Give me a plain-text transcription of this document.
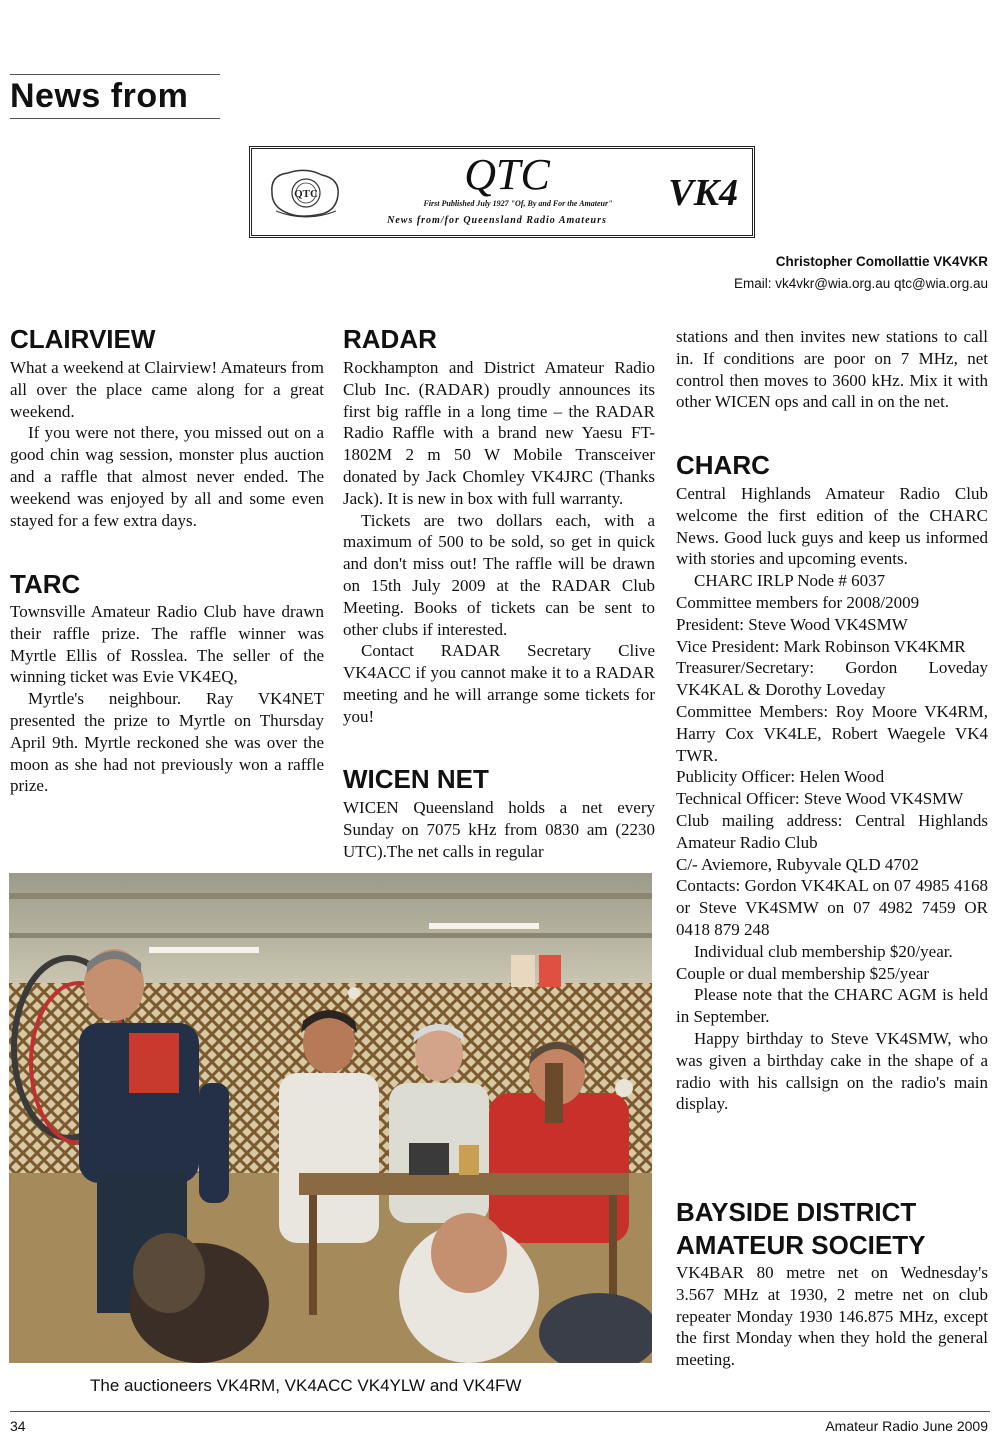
News from
QTC	QTC
First Published July 1927 "Of, By and For the Amateur"
News from/for Queensland Radio Amateurs
VK4
Christopher Comollattie VK4VKR
Email: vk4vkr@wia.org.au qtc@wia.org.au
CLAIRVIEW

What a weekend at Clairview! Amateurs from all over the place came along for a great weekend.

If you were not there, you missed out on a good chin wag session, monster plus auction and a raffle that almost never ended. The weekend was enjoyed by all and some even stayed for a few extra days.

TARC

Townsville Amateur Radio Club have drawn their raffle prize. The raffle winner was Myrtle Ellis of Rosslea. The seller of the winning ticket was Evie VK4EQ,

Myrtle's neighbour. Ray VK4NET presented the prize to Myrtle on Thursday April 9th. Myrtle reckoned she was over the moon as she had not previously won a raffle prize.

RADAR

Rockhampton and District Amateur Radio Club Inc. (RADAR) proudly announces its first big raffle in a long time – the RADAR Radio Raffle with a brand new Yaesu FT-1802M 2 m 50 W Mobile Transceiver donated by Jack Chomley VK4JRC (Thanks Jack). It is new in box with full warranty.

Tickets are two dollars each, with a maximum of 500 to be sold, so get in quick and don't miss out! The raffle will be drawn on 15th July 2009 at the RADAR Club Meeting. Books of tickets can be sent to other clubs if interested.

Contact RADAR Secretary Clive VK4ACC if you cannot make it to a RADAR meeting and he will arrange some tickets for you!

WICEN NET

WICEN Queensland holds a net every Sunday on 7075 kHz from 0830 am (2230 UTC).The net calls in regular

stations and then invites new stations to call in. If conditions are poor on 7 MHz, net control then moves to 3600 kHz. Mix it with other WICEN ops and call in on the net.

CHARC

Central Highlands Amateur Radio Club welcome the first edition of the CHARC News. Good luck guys and keep us informed with stories and upcoming events.

CHARC IRLP Node # 6037

Committee members for 2008/2009

President: Steve Wood VK4SMW

Vice President: Mark Robinson VK4KMR

Treasurer/Secretary: Gordon Loveday VK4KAL & Dorothy Loveday

Committee Members: Roy Moore VK4RM, Harry Cox VK4LE, Robert Waegele VK4 TWR.

Publicity Officer: Helen Wood

Technical Officer: Steve Wood VK4SMW

Club mailing address: Central Highlands Amateur Radio Club

C/- Aviemore, Rubyvale QLD 4702

Contacts: Gordon VK4KAL on 07 4985 4168 or Steve VK4SMW on 07 4982 7459 OR 0418 879 248

Individual club membership $20/year.

Couple or dual membership $25/year

Please note that the CHARC AGM is held in September.

Happy birthday to Steve VK4SMW, who was given a birthday cake in the shape of a radio with his callsign on the radio's main display.

BAYSIDE DISTRICT AMATEUR SOCIETY

VK4BAR 80 metre net on Wednesday's 3.567 MHz at 1930, 2 metre net on club repeater Monday 1930 146.875 MHz, except the first Monday when they hold the general meeting.

The auctioneers VK4RM, VK4ACC VK4YLW and VK4FW
34	Amateur Radio June 2009
